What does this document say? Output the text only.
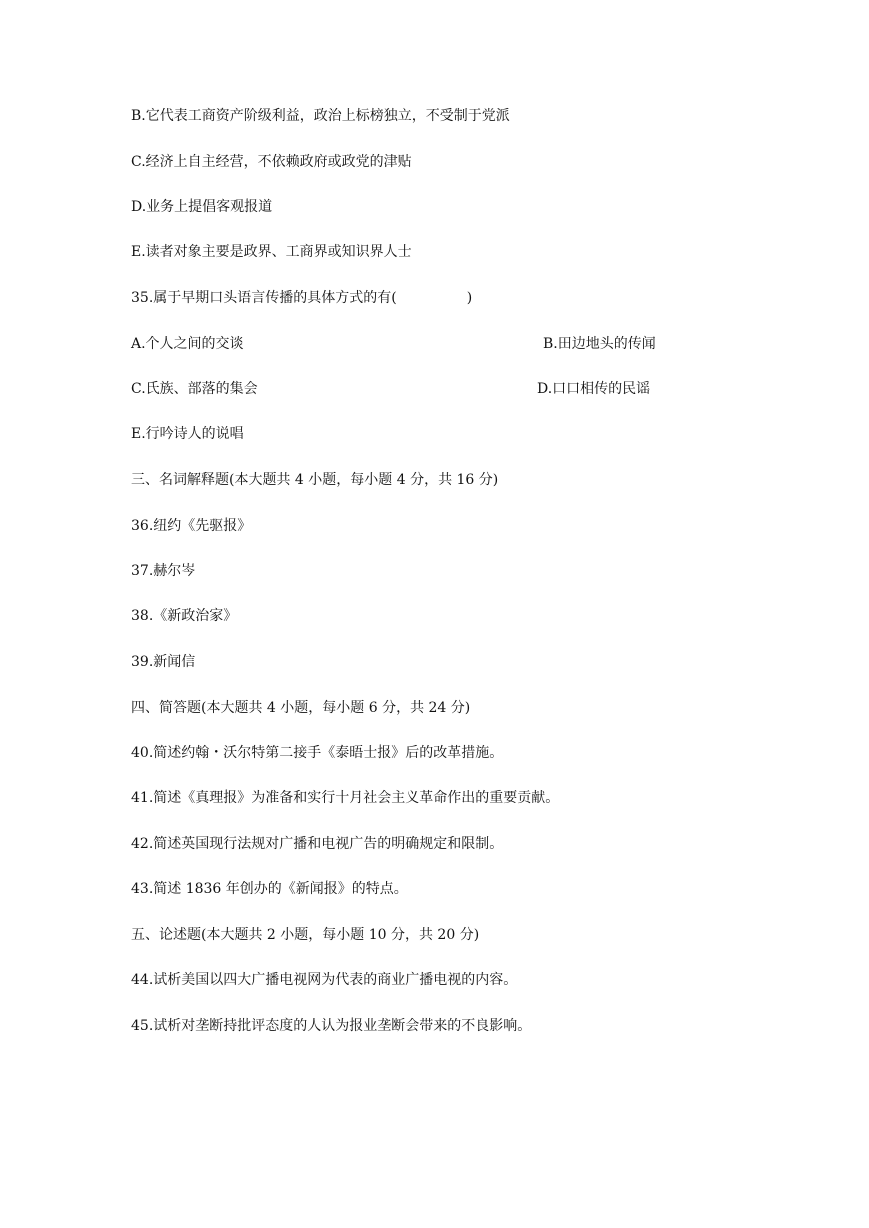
B.它代表工商资产阶级利益，政治上标榜独立，不受制于党派
C.经济上自主经营，不依赖政府或政党的津贴
D.业务上提倡客观报道
E.读者对象主要是政界、工商界或知识界人士
35.属于早期口头语言传播的具体方式的有(　　　　　)
A.个人之间的交谈	B.田边地头的传闻
C.氏族、部落的集会	D.口口相传的民谣
E.行吟诗人的说唱
三、名词解释题(本大题共 4 小题，每小题 4 分，共 16 分)
36.纽约《先驱报》
37.赫尔岑
38.《新政治家》
39.新闻信
四、简答题(本大题共 4 小题，每小题 6 分，共 24 分)
40.简述约翰・沃尔特第二接手《泰晤士报》后的改革措施。
41.简述《真理报》为准备和实行十月社会主义革命作出的重要贡献。
42.简述英国现行法规对广播和电视广告的明确规定和限制。
43.简述 1836 年创办的《新闻报》的特点。
五、论述题(本大题共 2 小题，每小题 10 分，共 20 分)
44.试析美国以四大广播电视网为代表的商业广播电视的内容。
45.试析对垄断持批评态度的人认为报业垄断会带来的不良影响。
